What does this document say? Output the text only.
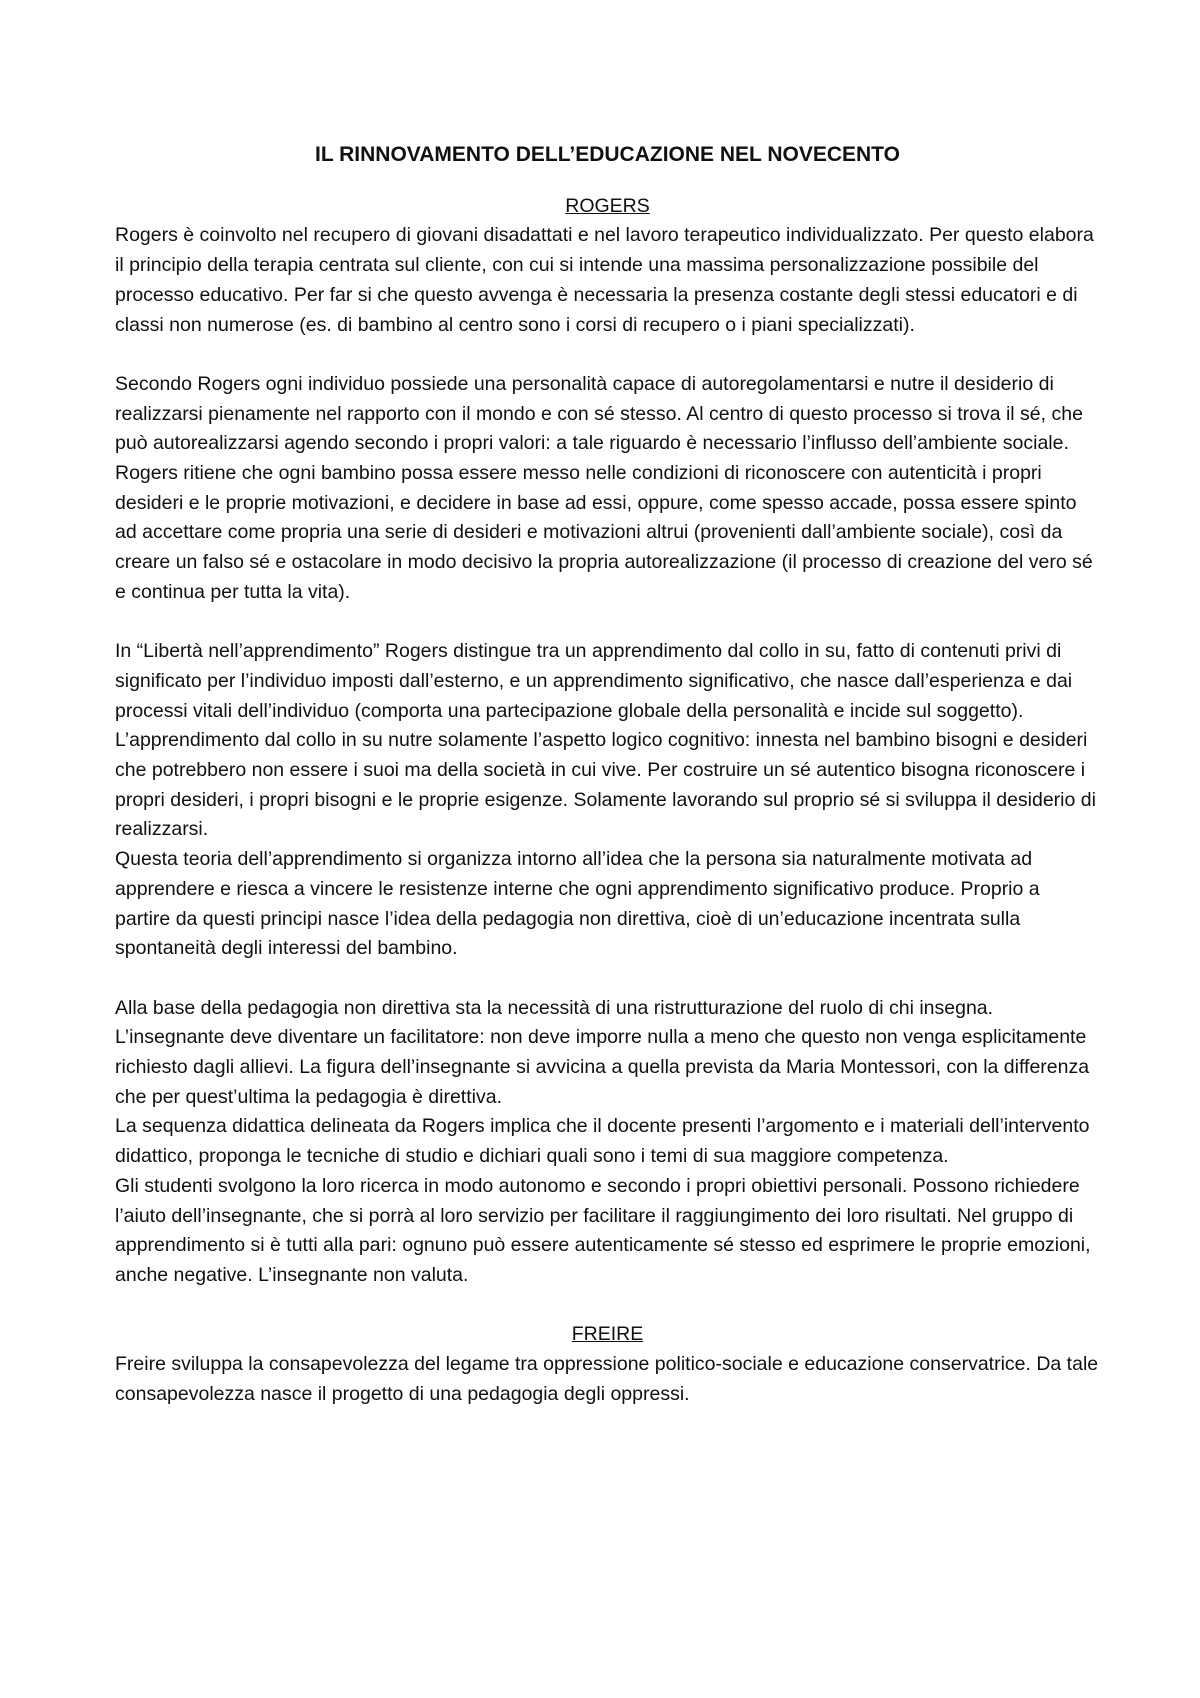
IL RINNOVAMENTO DELL’EDUCAZIONE NEL NOVECENTO
ROGERS

Rogers è coinvolto nel recupero di giovani disadattati e nel lavoro terapeutico individualizzato. Per questo elabora il principio della terapia centrata sul cliente, con cui si intende una massima personalizzazione possibile del processo educativo. Per far si che questo avvenga è necessaria la presenza costante degli stessi educatori e di classi non numerose (es. di bambino al centro sono i corsi di recupero o i piani specializzati).

Secondo Rogers ogni individuo possiede una personalità capace di autoregolamentarsi e nutre il desiderio di realizzarsi pienamente nel rapporto con il mondo e con sé stesso. Al centro di questo processo si trova il sé, che può autorealizzarsi agendo secondo i propri valori: a tale riguardo è necessario l’influsso dell’ambiente sociale. Rogers ritiene che ogni bambino possa essere messo nelle condizioni di riconoscere con autenticità i propri desideri e le proprie motivazioni, e decidere in base ad essi, oppure, come spesso accade, possa essere spinto ad accettare come propria una serie di desideri e motivazioni altrui (provenienti dall’ambiente sociale), così da creare un falso sé e ostacolare in modo decisivo la propria autorealizzazione (il processo di creazione del vero sé e continua per tutta la vita).

In “Libertà nell’apprendimento” Rogers distingue tra un apprendimento dal collo in su, fatto di contenuti privi di significato per l’individuo imposti dall’esterno, e un apprendimento significativo, che nasce dall’esperienza e dai processi vitali dell’individuo (comporta una partecipazione globale della personalità e incide sul soggetto). L’apprendimento dal collo in su nutre solamente l’aspetto logico cognitivo: innesta nel bambino bisogni e desideri che potrebbero non essere i suoi ma della società in cui vive. Per costruire un sé autentico bisogna riconoscere i propri desideri, i propri bisogni e le proprie esigenze. Solamente lavorando sul proprio sé si sviluppa il desiderio di realizzarsi.

Questa teoria dell’apprendimento si organizza intorno all’idea che la persona sia naturalmente motivata ad apprendere e riesca a vincere le resistenze interne che ogni apprendimento significativo produce. Proprio a partire da questi principi nasce l’idea della pedagogia non direttiva, cioè di un’educazione incentrata sulla spontaneità degli interessi del bambino.

Alla base della pedagogia non direttiva sta la necessità di una ristrutturazione del ruolo di chi insegna. L’insegnante deve diventare un facilitatore: non deve imporre nulla a meno che questo non venga esplicitamente richiesto dagli allievi. La figura dell’insegnante si avvicina a quella prevista da Maria Montessori, con la differenza che per quest’ultima la pedagogia è direttiva.

La sequenza didattica delineata da Rogers implica che il docente presenti l’argomento e i materiali dell’intervento didattico, proponga le tecniche di studio e dichiari quali sono i temi di sua maggiore competenza.

Gli studenti svolgono la loro ricerca in modo autonomo e secondo i propri obiettivi personali. Possono richiedere l’aiuto dell’insegnante, che si porrà al loro servizio per facilitare il raggiungimento dei loro risultati. Nel gruppo di apprendimento si è tutti alla pari: ognuno può essere autenticamente sé stesso ed esprimere le proprie emozioni, anche negative. L’insegnante non valuta.

FREIRE

Freire sviluppa la consapevolezza del legame tra oppressione politico-sociale e educazione conservatrice. Da tale consapevolezza nasce il progetto di una pedagogia degli oppressi.
